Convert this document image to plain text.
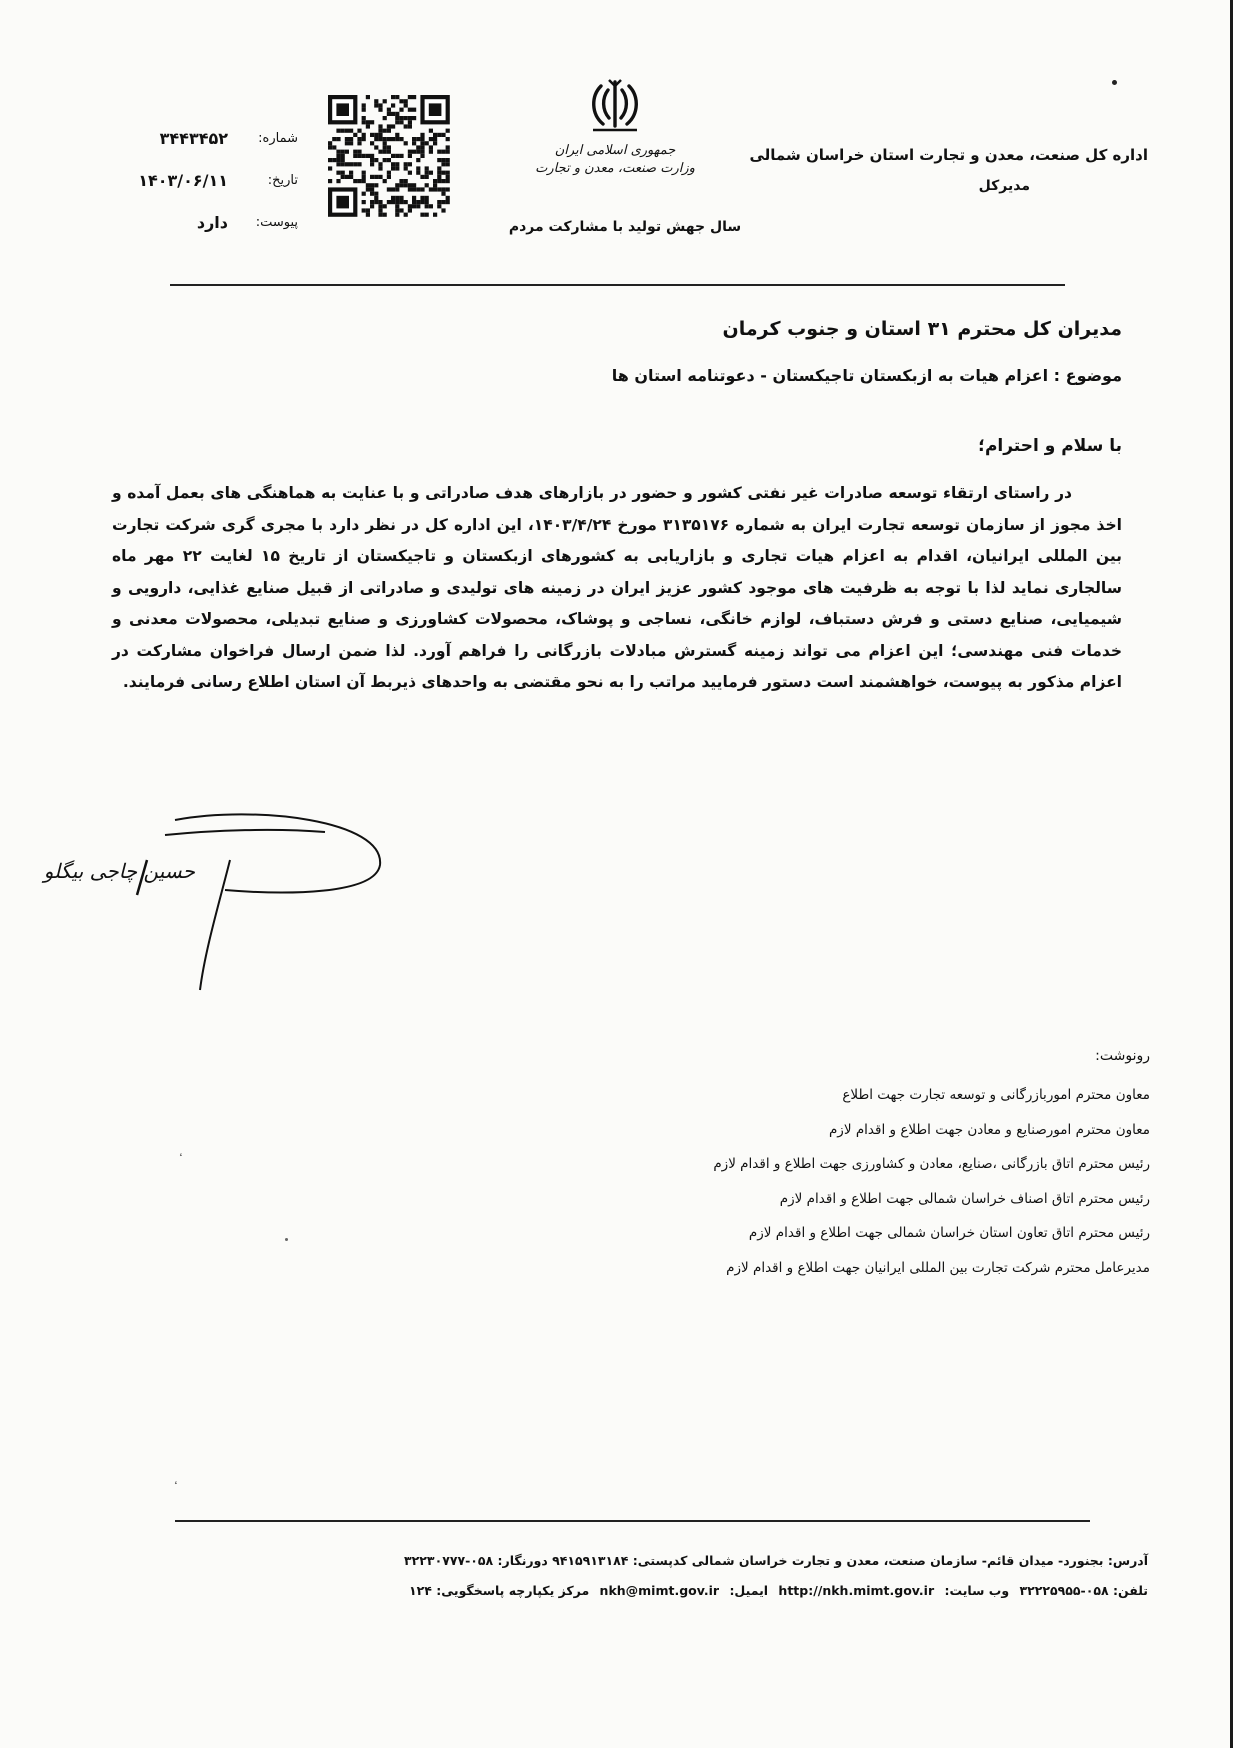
اداره کل صنعت، معدن و تجارت استان خراسان شمالی
مدیرکل
جمهوری اسلامی ایران
وزارت صنعت، معدن و تجارت
سال جهش تولید با مشارکت مردم
شماره:
۳۴۴۳۴۵۲
تاریخ:
۱۴۰۳/۰۶/۱۱
پیوست:
دارد
مدیران کل محترم ۳۱ استان و جنوب کرمان
موضوع : اعزام هیات به ازبکستان تاجیکستان - دعوتنامه استان ها
با سلام و احترام؛

در راستای ارتقاء توسعه صادرات غیر نفتی کشور و حضور در بازارهای هدف صادراتی و با عنایت به هماهنگی های بعمل آمده و اخذ مجوز از سازمان توسعه تجارت ایران به شماره ۳۱۳۵۱۷۶ مورخ ۱۴۰۳/۴/۲۴، این اداره کل در نظر دارد با مجری گری شرکت تجارت بین المللی ایرانیان، اقدام به اعزام هیات تجاری و بازاریابی به کشورهای ازبکستان و تاجیکستان از تاریخ ۱۵ لغایت ۲۲ مهر ماه سالجاری نماید لذا با توجه به ظرفیت های موجود کشور عزیز ایران در زمینه های تولیدی و صادراتی از قبیل صنایع غذایی، دارویی و شیمیایی، صنایع دستی و فرش دستباف، لوازم خانگی، نساجی و پوشاک، محصولات کشاورزی و صنایع تبدیلی، محصولات معدنی و خدمات فنی مهندسی؛ این اعزام می تواند زمینه گسترش مبادلات بازرگانی را فراهم آورد. لذا ضمن ارسال فراخوان مشارکت در اعزام مذکور به پیوست، خواهشمند است دستور فرمایید مراتب را به نحو مقتضی به واحدهای ذیربط آن استان اطلاع رسانی فرمایند.

حسین چاجی بیگلو
رونوشت:
معاون محترم اموربازرگانی و توسعه تجارت جهت اطلاع
معاون محترم امورصنایع و معادن جهت اطلاع و اقدام لازم
رئیس محترم اتاق بازرگانی ،صنایع، معادن و کشاورزی جهت اطلاع و اقدام لازم
رئیس محترم اتاق اصناف خراسان شمالی جهت اطلاع و اقدام لازم
رئیس محترم اتاق تعاون استان خراسان شمالی جهت اطلاع و اقدام لازم
مدیرعامل محترم شرکت تجارت بین المللی ایرانیان جهت اطلاع و اقدام لازم
آدرس: بجنورد- میدان قائم- سازمان صنعت، معدن و تجارت خراسان شمالی کدپستی: ۹۴۱۵۹۱۳۱۸۴ دورنگار: ۰۵۸-۳۲۲۳۰۷۷۷
تلفن: ۰۵۸-۳۲۲۲۵۹۵۵ وب سایت: http://nkh.mimt.gov.ir ایمیل: nkh@mimt.gov.ir مرکز یکپارچه پاسخگویی: ۱۲۴
